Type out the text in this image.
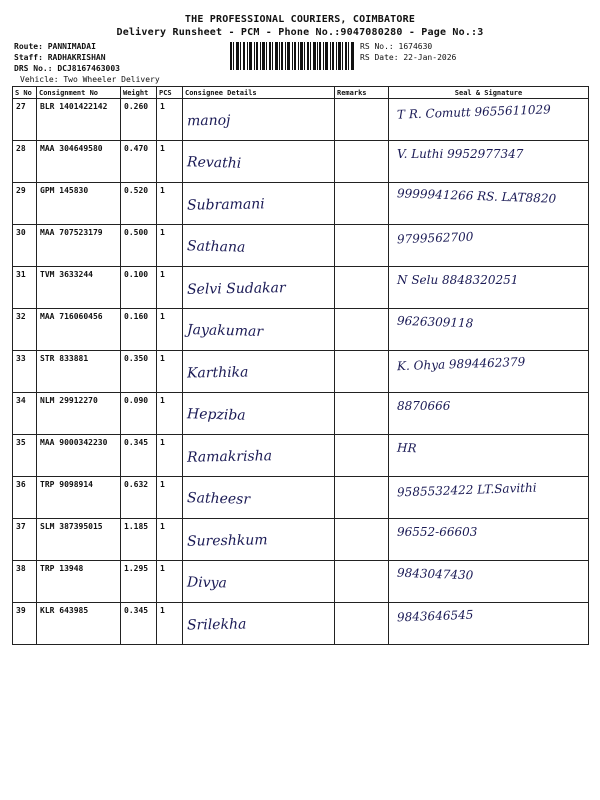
THE PROFESSIONAL COURIERS, COIMBATORE
Delivery Runsheet - PCM - Phone No.:9047080280 - Page No.:3
Route: PANNIMADAI
Staff: RADHAKRISHAN
DRS No.: DCJ8167463003
Vehicle: Two Wheeler Delivery
RS No.: 1674630
RS Date: 22-Jan-2026
S No	Consignment No	Weight	PCS	Consignee Details	Remarks	Seal & Signature
27	BLR 1401422142	0.260	1	manoj		T R. Comutt 9655611029

28	MAA 304649580	0.470	1	Revathi		V. Luthi 9952977347

29	GPM 145830	0.520	1	Subramani		9999941266 RS. LAT8820

30	MAA 707523179	0.500	1	Sathana		9799562700

31	TVM 3633244	0.100	1	Selvi Sudakar		N Selu 8848320251

32	MAA 716060456	0.160	1	Jayakumar		9626309118

33	STR 833881	0.350	1	Karthika		K. Ohya 9894462379

34	NLM 29912270	0.090	1	Hepziba		8870666

35	MAA 9000342230	0.345	1	Ramakrisha		HR

36	TRP 9098914	0.632	1	Satheesr		9585532422 LT.Savithi

37	SLM 387395015	1.185	1	Sureshkum		96552-66603

38	TRP 13948	1.295	1	Divya		9843047430

39	KLR 643985	0.345	1	Srilekha		9843646545
